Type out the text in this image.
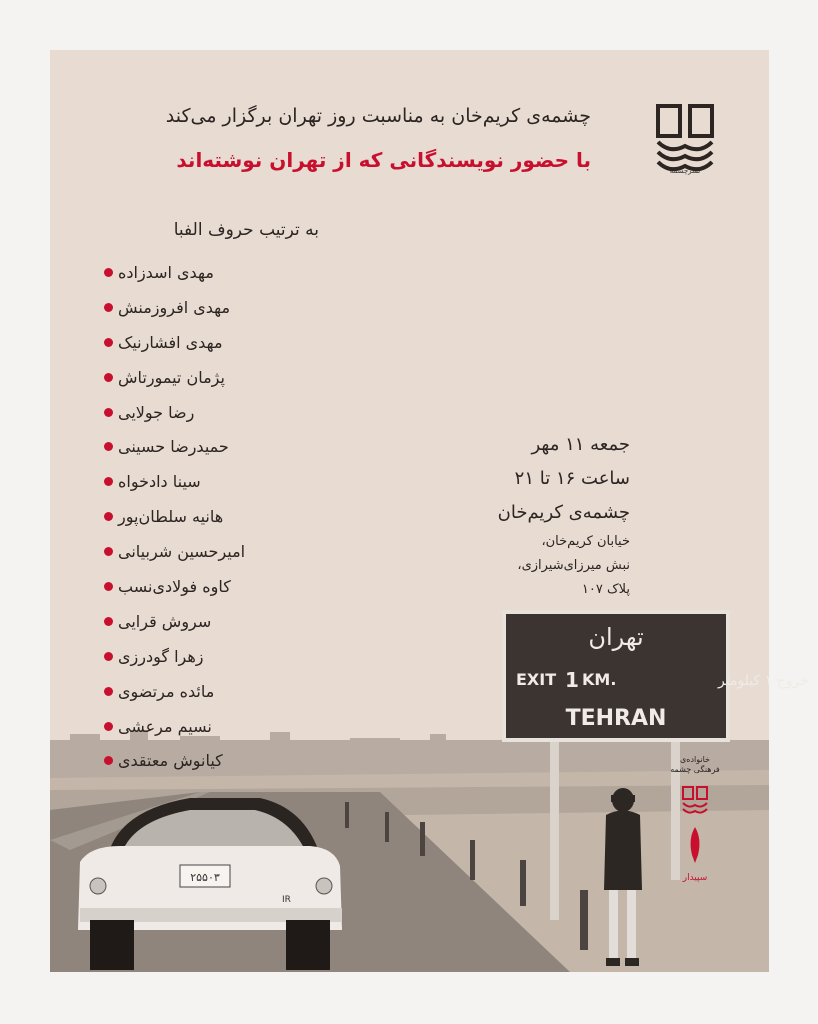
تهران
EXIT 1 KM.	خروج ۱ کیلومتر
TEHRAN
۲۵۵۰۳
IR
نشرچشمه
چشمه‌ی کریم‌خان به مناسبت روز تهران برگزار می‌کند
با حضور نویسندگانی که از تهران نوشته‌اند
به ترتیب حروف الفبا
مهدی اسدزاده
مهدی افروزمنش
مهدی افشارنیک
پژمان تیمورتاش
رضا جولایی
حمیدرضا حسینی
سینا دادخواه
هانیه سلطان‌پور
امیرحسین شربیانی
کاوه فولادی‌نسب
سروش قرایی
زهرا گودرزی
مائده مرتضوی
نسیم مرعشی
کیانوش معتقدی
جمعه ۱۱ مهر
ساعت ۱۶ تا ۲۱
چشمه‌ی کریم‌خان
خیابان کریم‌خان،
نبش میرزای‌شیرازی،
پلاک ۱۰۷
خانواده‌ی فرهنگی چشمه

سپیدار
